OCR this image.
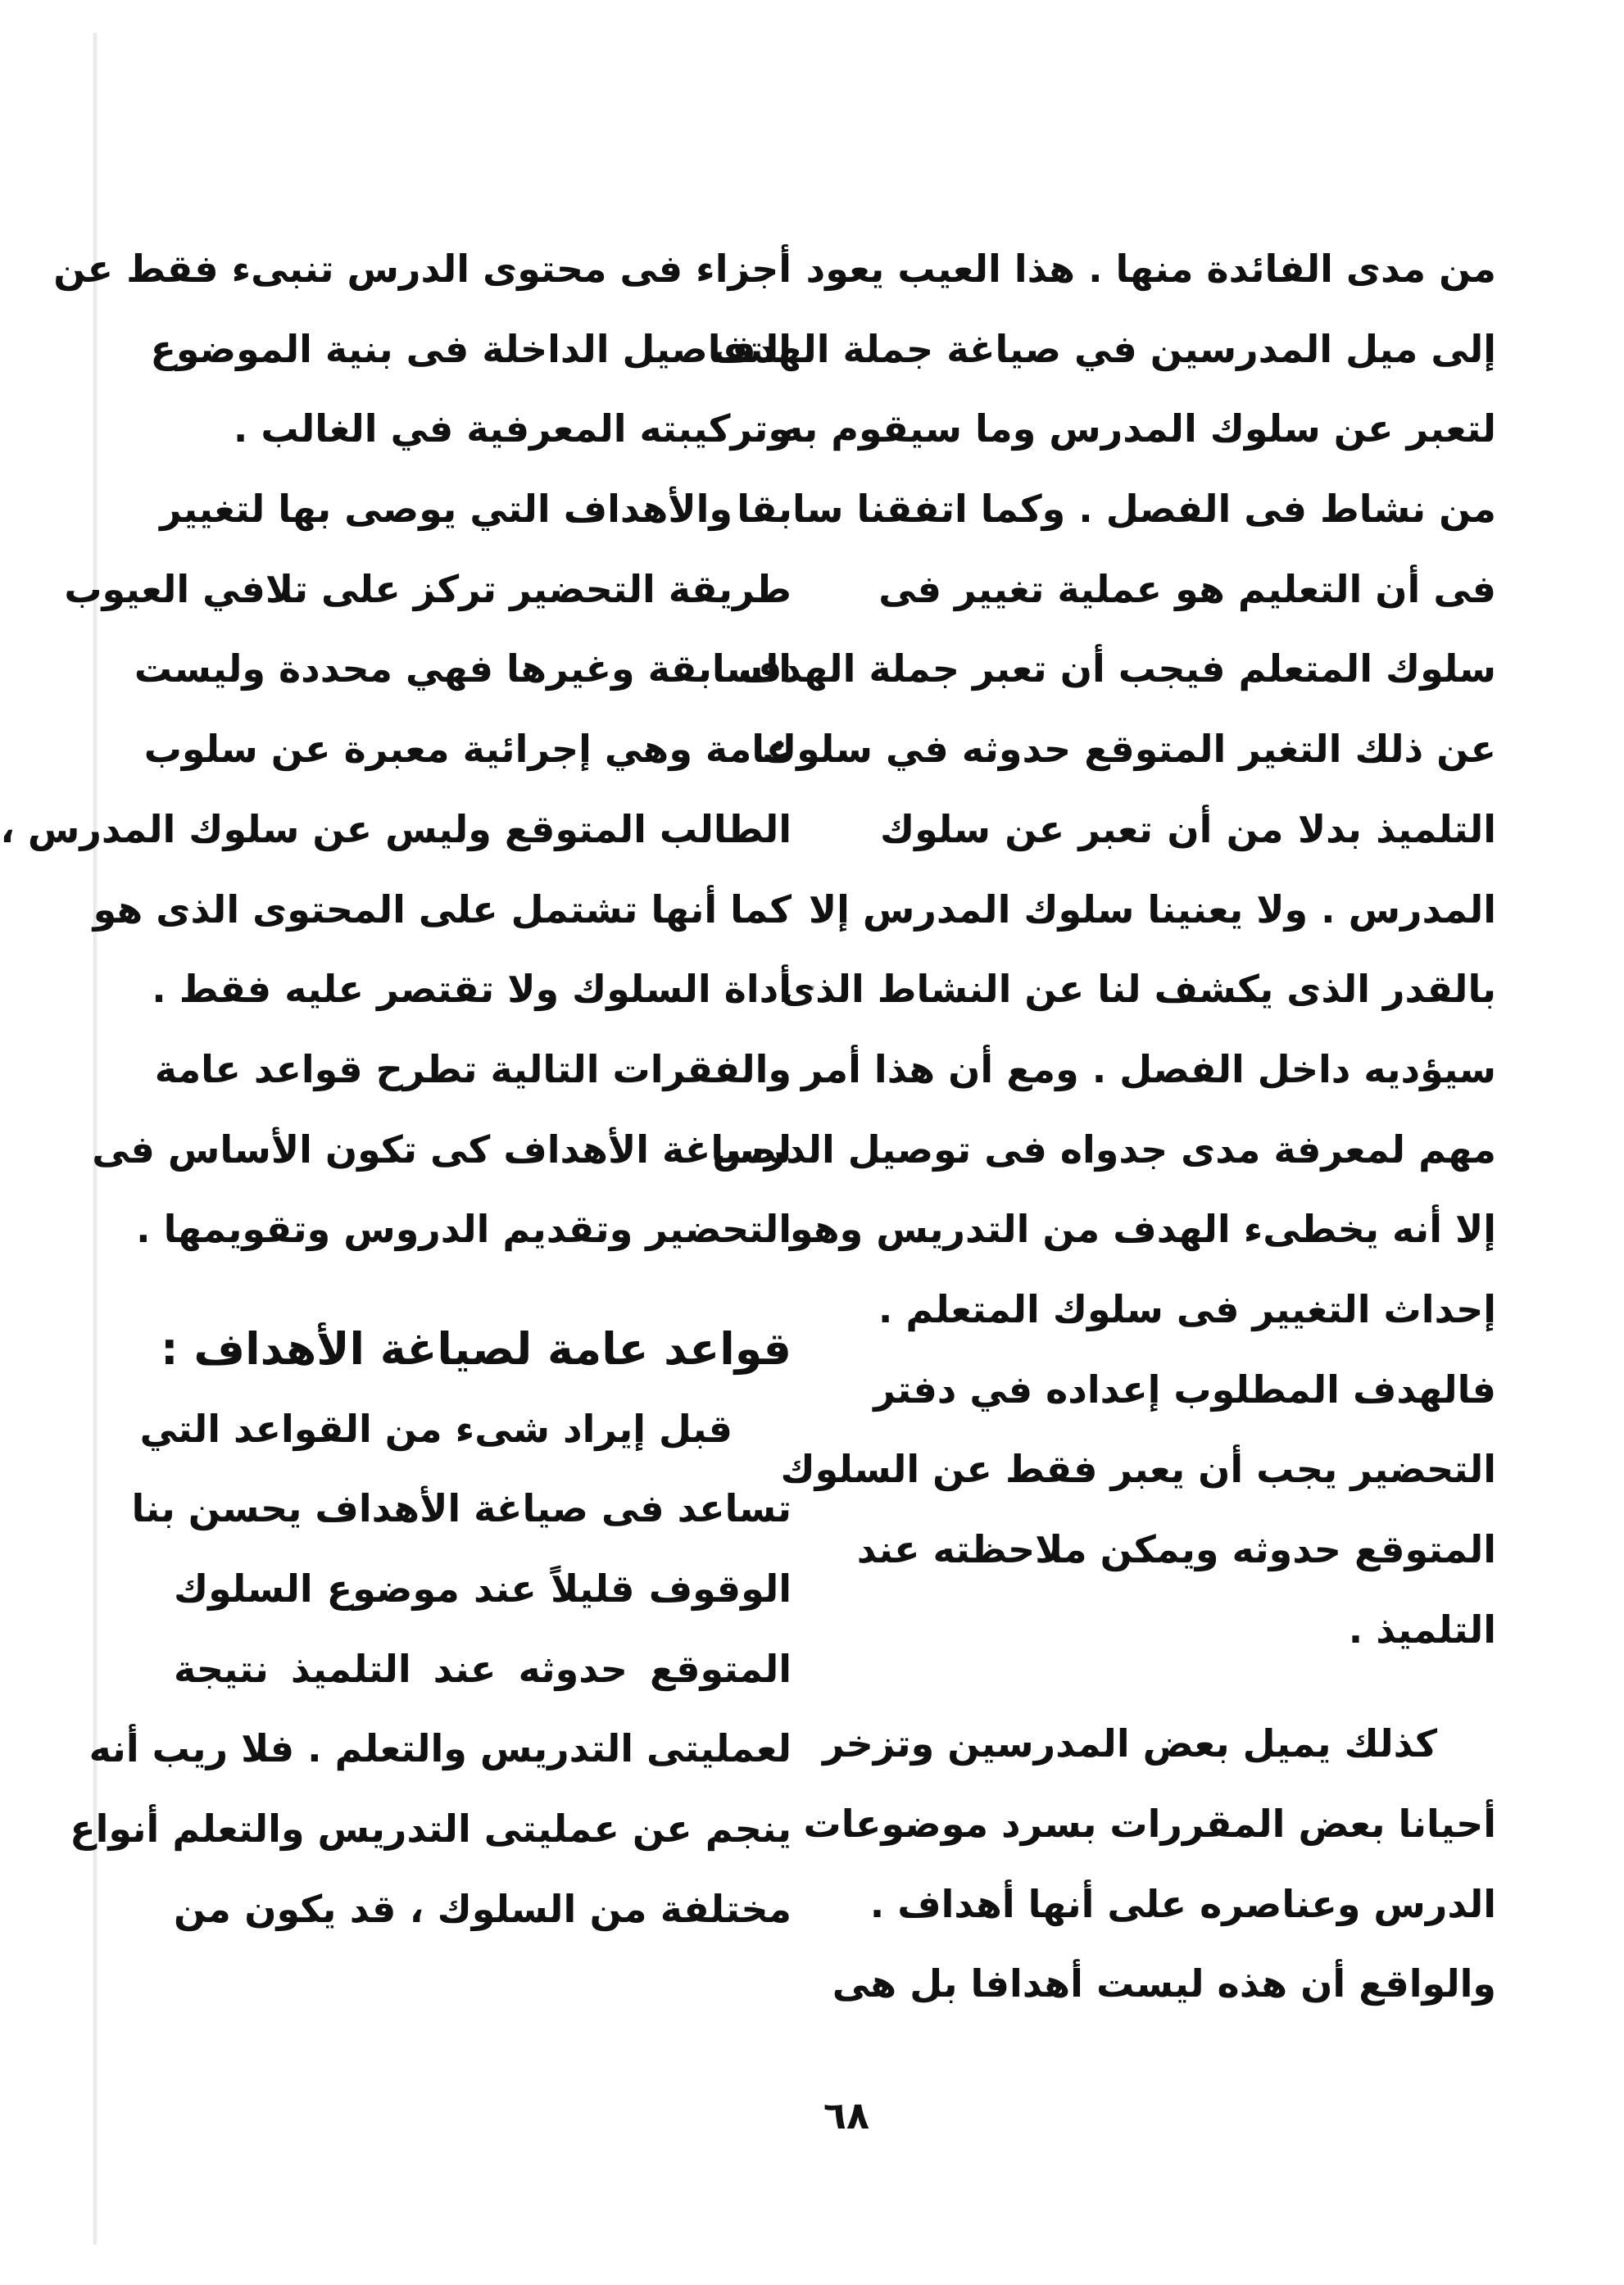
من مدى الفائدة منها . هذا العيب يعود
إلى ميل المدرسين في صياغة جملة الهدف
لتعبر عن سلوك المدرس وما سيقوم به
من نشاط فى الفصل . وكما اتفقنا سابقا
فى أن التعليم هو عملية تغيير فى
سلوك المتعلم فيجب أن تعبر جملة الهدف
عن ذلك التغير المتوقع حدوثه في سلوك
التلميذ بدلا من أن تعبر عن سلوك
المدرس . ولا يعنينا سلوك المدرس إلا
بالقدر الذى يكشف لنا عن النشاط الذى
سيؤديه داخل الفصل . ومع أن هذا أمر
مهم لمعرفة مدى جدواه فى توصيل الدرس
إلا أنه يخطىء الهدف من التدريس وهو
إحداث التغيير فى سلوك المتعلم .
فالهدف المطلوب إعداده في دفتر
التحضير يجب أن يعبر فقط عن السلوك
المتوقع حدوثه ويمكن ملاحظته عند
التلميذ .
كذلك يميل بعض المدرسين وتزخر
أحيانا بعض المقررات بسرد موضوعات
الدرس وعناصره على أنها أهداف .
والواقع أن هذه ليست أهدافا بل هى
أجزاء فى محتوى الدرس تنبىء فقط عن
التفاصيل الداخلة فى بنية الموضوع
وتركيبته المعرفية في الغالب .
والأهداف التي يوصى بها لتغيير
طريقة التحضير تركز على تلافي العيوب
السابقة وغيرها فهي محددة وليست
عامة وهي إجرائية معبرة عن سلوب
الطالب المتوقع وليس عن سلوك المدرس ،
كما أنها تشتمل على المحتوى الذى هو
أداة السلوك ولا تقتصر عليه فقط .
والفقرات التالية تطرح قواعد عامة
لصياغة الأهداف كى تكون الأساس فى
التحضير وتقديم الدروس وتقويمها .
قواعد عامة لصياغة الأهداف :
قبل إيراد شىء من القواعد التي
تساعد فى صياغة الأهداف يحسن بنا
الوقوف قليلاً عند موضوع السلوك
المتوقع حدوثه عند التلميذ نتيجة
لعمليتى التدريس والتعلم . فلا ريب أنه
ينجم عن عمليتى التدريس والتعلم أنواع
مختلفة من السلوك ، قد يكون من
٦٨
